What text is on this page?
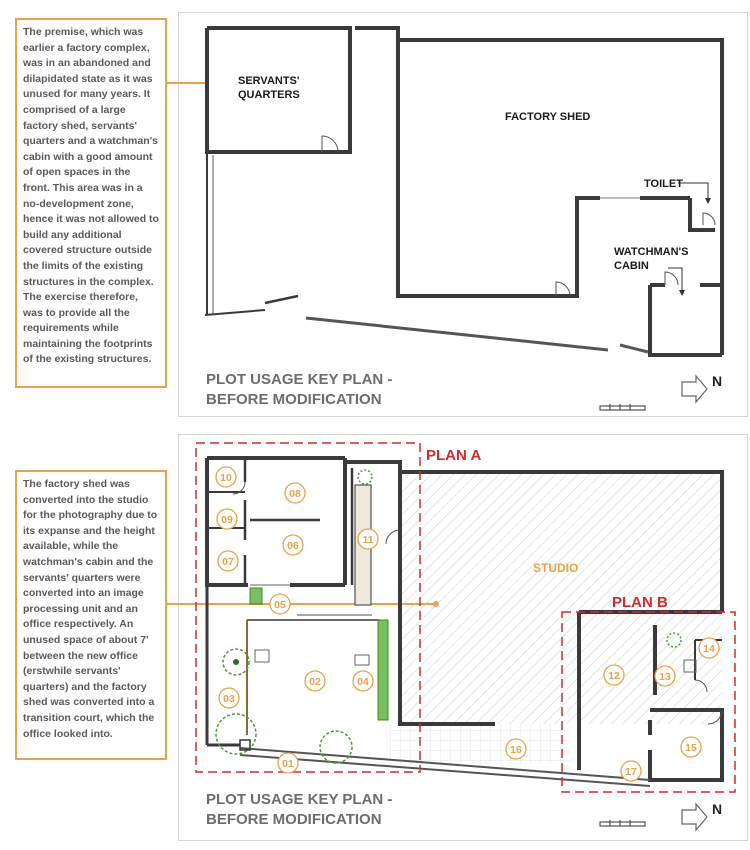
The premise, which was earlier a factory complex, was in an abandoned and dilapidated state as it was unused for many years. It comprised of a large factory shed, servants' quarters and a watchman's cabin with a good amount of open spaces in the front. This area was in a no-development zone, hence it was not allowed to build any additional covered structure outside the limits of the existing structures in the complex. The exercise therefore, was to provide all the requirements while maintaining the footprints of the existing structures.

SERVANTS'
QUARTERS
FACTORY SHED
TOILET
WATCHMAN'S
CABIN
N
PLOT USAGE KEY PLAN -
BEFORE MODIFICATION

The factory shed was converted into the studio for the photography due to its expanse and the height available, while the watchman's cabin and the servants' quarters were converted into an image processing unit and an office respectively. An unused space of about 7' between the new office (erstwhile servants' quarters) and the factory shed was converted into a transition court, which the office looked into.

PLAN A
PLAN B
STUDIO
01
02
03
04
05
06
07
08
09
10
11
12	13
14
15
16
17
N
PLOT USAGE KEY PLAN -
BEFORE MODIFICATION
